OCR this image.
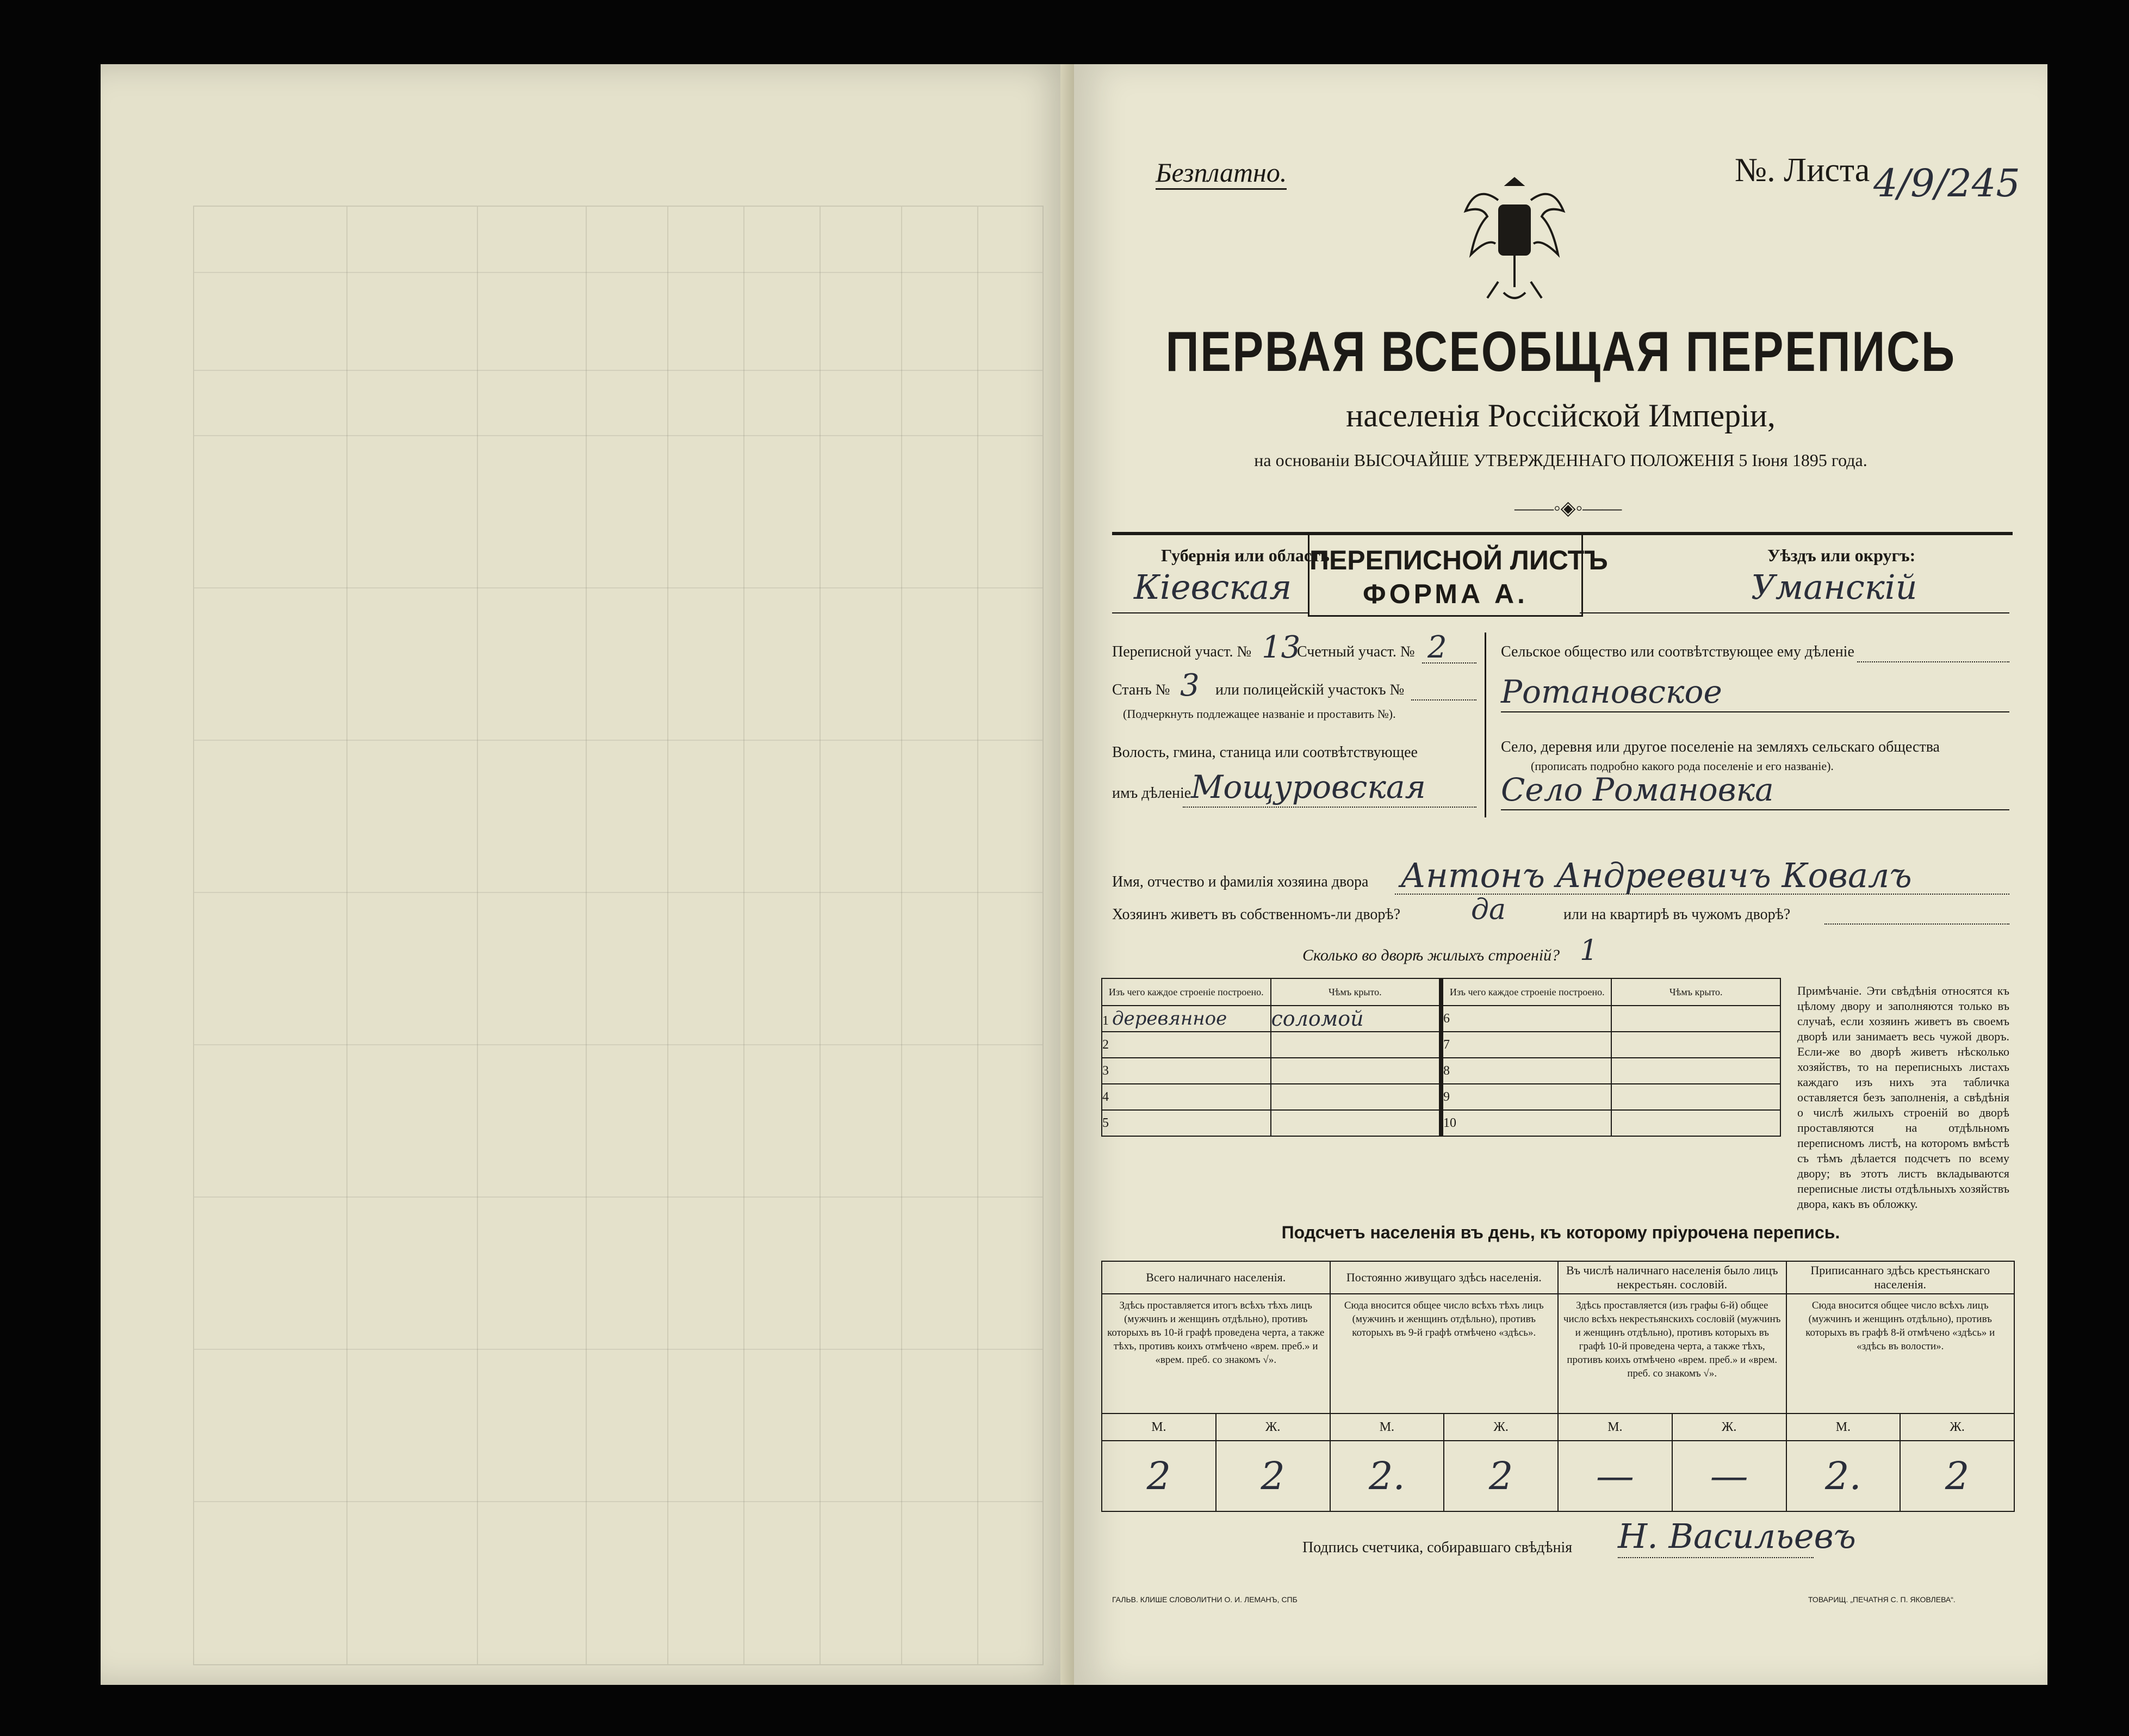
Безплатно.	№. Листа 4/9/245
ПЕРВАЯ ВСЕОБЩАЯ ПЕРЕПИСЬ
населенія Россійской Имперіи,
на основаніи ВЫСОЧАЙШЕ УТВЕРЖДЕННАГО ПОЛОЖЕНІЯ 5 Іюня 1895 года.
——◦◈◦——
ПЕРЕПИСНОЙ ЛИСТЪ
ФОРМА А.
Губернія или область:
Кіевская
Уѣздъ или округъ:
Уманскій
Переписной участ. № 13
Счетный участ. № 2
Станъ № 3 или полицейскій участокъ №
(Подчеркнуть подлежащее названіе и проставить №).
Волость, гмина, станица или соотвѣтствующее
имъ дѣленіе Мощуровская
Сельское общество или соотвѣтствующее ему дѣленіе
Роmановское
Село, деревня или другое поселеніе на земляхъ сельскаго общества
(прописать подробно какого рода поселеніе и его названіе).
Село Романовка
Имя, отчество и фамилія хозяина двора Антонъ Андреевичъ Ковалъ
Хозяинъ живетъ въ собственномъ-ли дворѣ? да	или на квартирѣ въ чужомъ дворѣ?
Сколько во дворѣ жилыхъ строеній? 1
Изъ чего каждое строеніе построено.	Чѣмъ крыто.		Изъ чего каждое строеніе построено.	Чѣмъ крыто.
1 деревянное	соломой		6	
2			7	
3			8	
4			9	
5			10	
Примѣчаніе. Эти свѣдѣнія относятся къ цѣлому двору и заполняются только въ случаѣ, если хозяинъ живетъ въ своемъ дворѣ или занимаетъ весь чужой дворъ. Если-же во дворѣ живетъ нѣсколько хозяйствъ, то на переписныхъ листахъ каждаго изъ нихъ эта табличка оставляется безъ заполненія, а свѣдѣнія о числѣ жилыхъ строеній во дворѣ проставляются на отдѣльномъ переписномъ листѣ, на которомъ вмѣстѣ съ тѣмъ дѣлается подсчетъ по всему двору; въ этотъ листъ вкладываются переписные листы отдѣльныхъ хозяйствъ двора, какъ въ обложку.
Подсчетъ населенія въ день, къ которому пріурочена перепись.
Всего наличнаго населенія.		Постоянно живущаго здѣсь населенія.		Въ числѣ наличнаго населенія было лицъ некрестьян. сословій.		Приписаннаго здѣсь крестьянскаго населенія.	
Здѣсь проставляется итогъ всѣхъ тѣхъ лицъ (мужчинъ и женщинъ отдѣльно), противъ которыхъ въ 10-й графѣ проведена черта, а также тѣхъ, противъ коихъ отмѣчено «врем. преб.» и «врем. преб. со знакомъ √».		Сюда вносится общее число всѣхъ тѣхъ лицъ (мужчинъ и женщинъ отдѣльно), противъ которыхъ въ 9-й графѣ отмѣчено «здѣсь».		Здѣсь проставляется (изъ графы 6-й) общее число всѣхъ некрестьянскихъ сословій (мужчинъ и женщинъ отдѣльно), противъ которыхъ въ графѣ 10-й проведена черта, а также тѣхъ, противъ коихъ отмѣчено «врем. преб.» и «врем. преб. со знакомъ √».		Сюда вносится общее число всѣхъ лицъ (мужчинъ и женщинъ отдѣльно), противъ которыхъ въ графѣ 8-й отмѣчено «здѣсь» и «здѣсь въ волости».	
М.	Ж.	М.	Ж.	М.	Ж.	М.	Ж.
2	2	2.	2	—	—	2.	2
Подпись счетчика, собиравшаго свѣдѣнія Н. Васильевъ
ГАЛЬВ. КЛИШЕ СЛОВОЛИТНИ О. И. ЛЕМАНЪ, СПБ	ТОВАРИЩ. „ПЕЧАТНЯ С. П. ЯКОВЛЕВА“.
